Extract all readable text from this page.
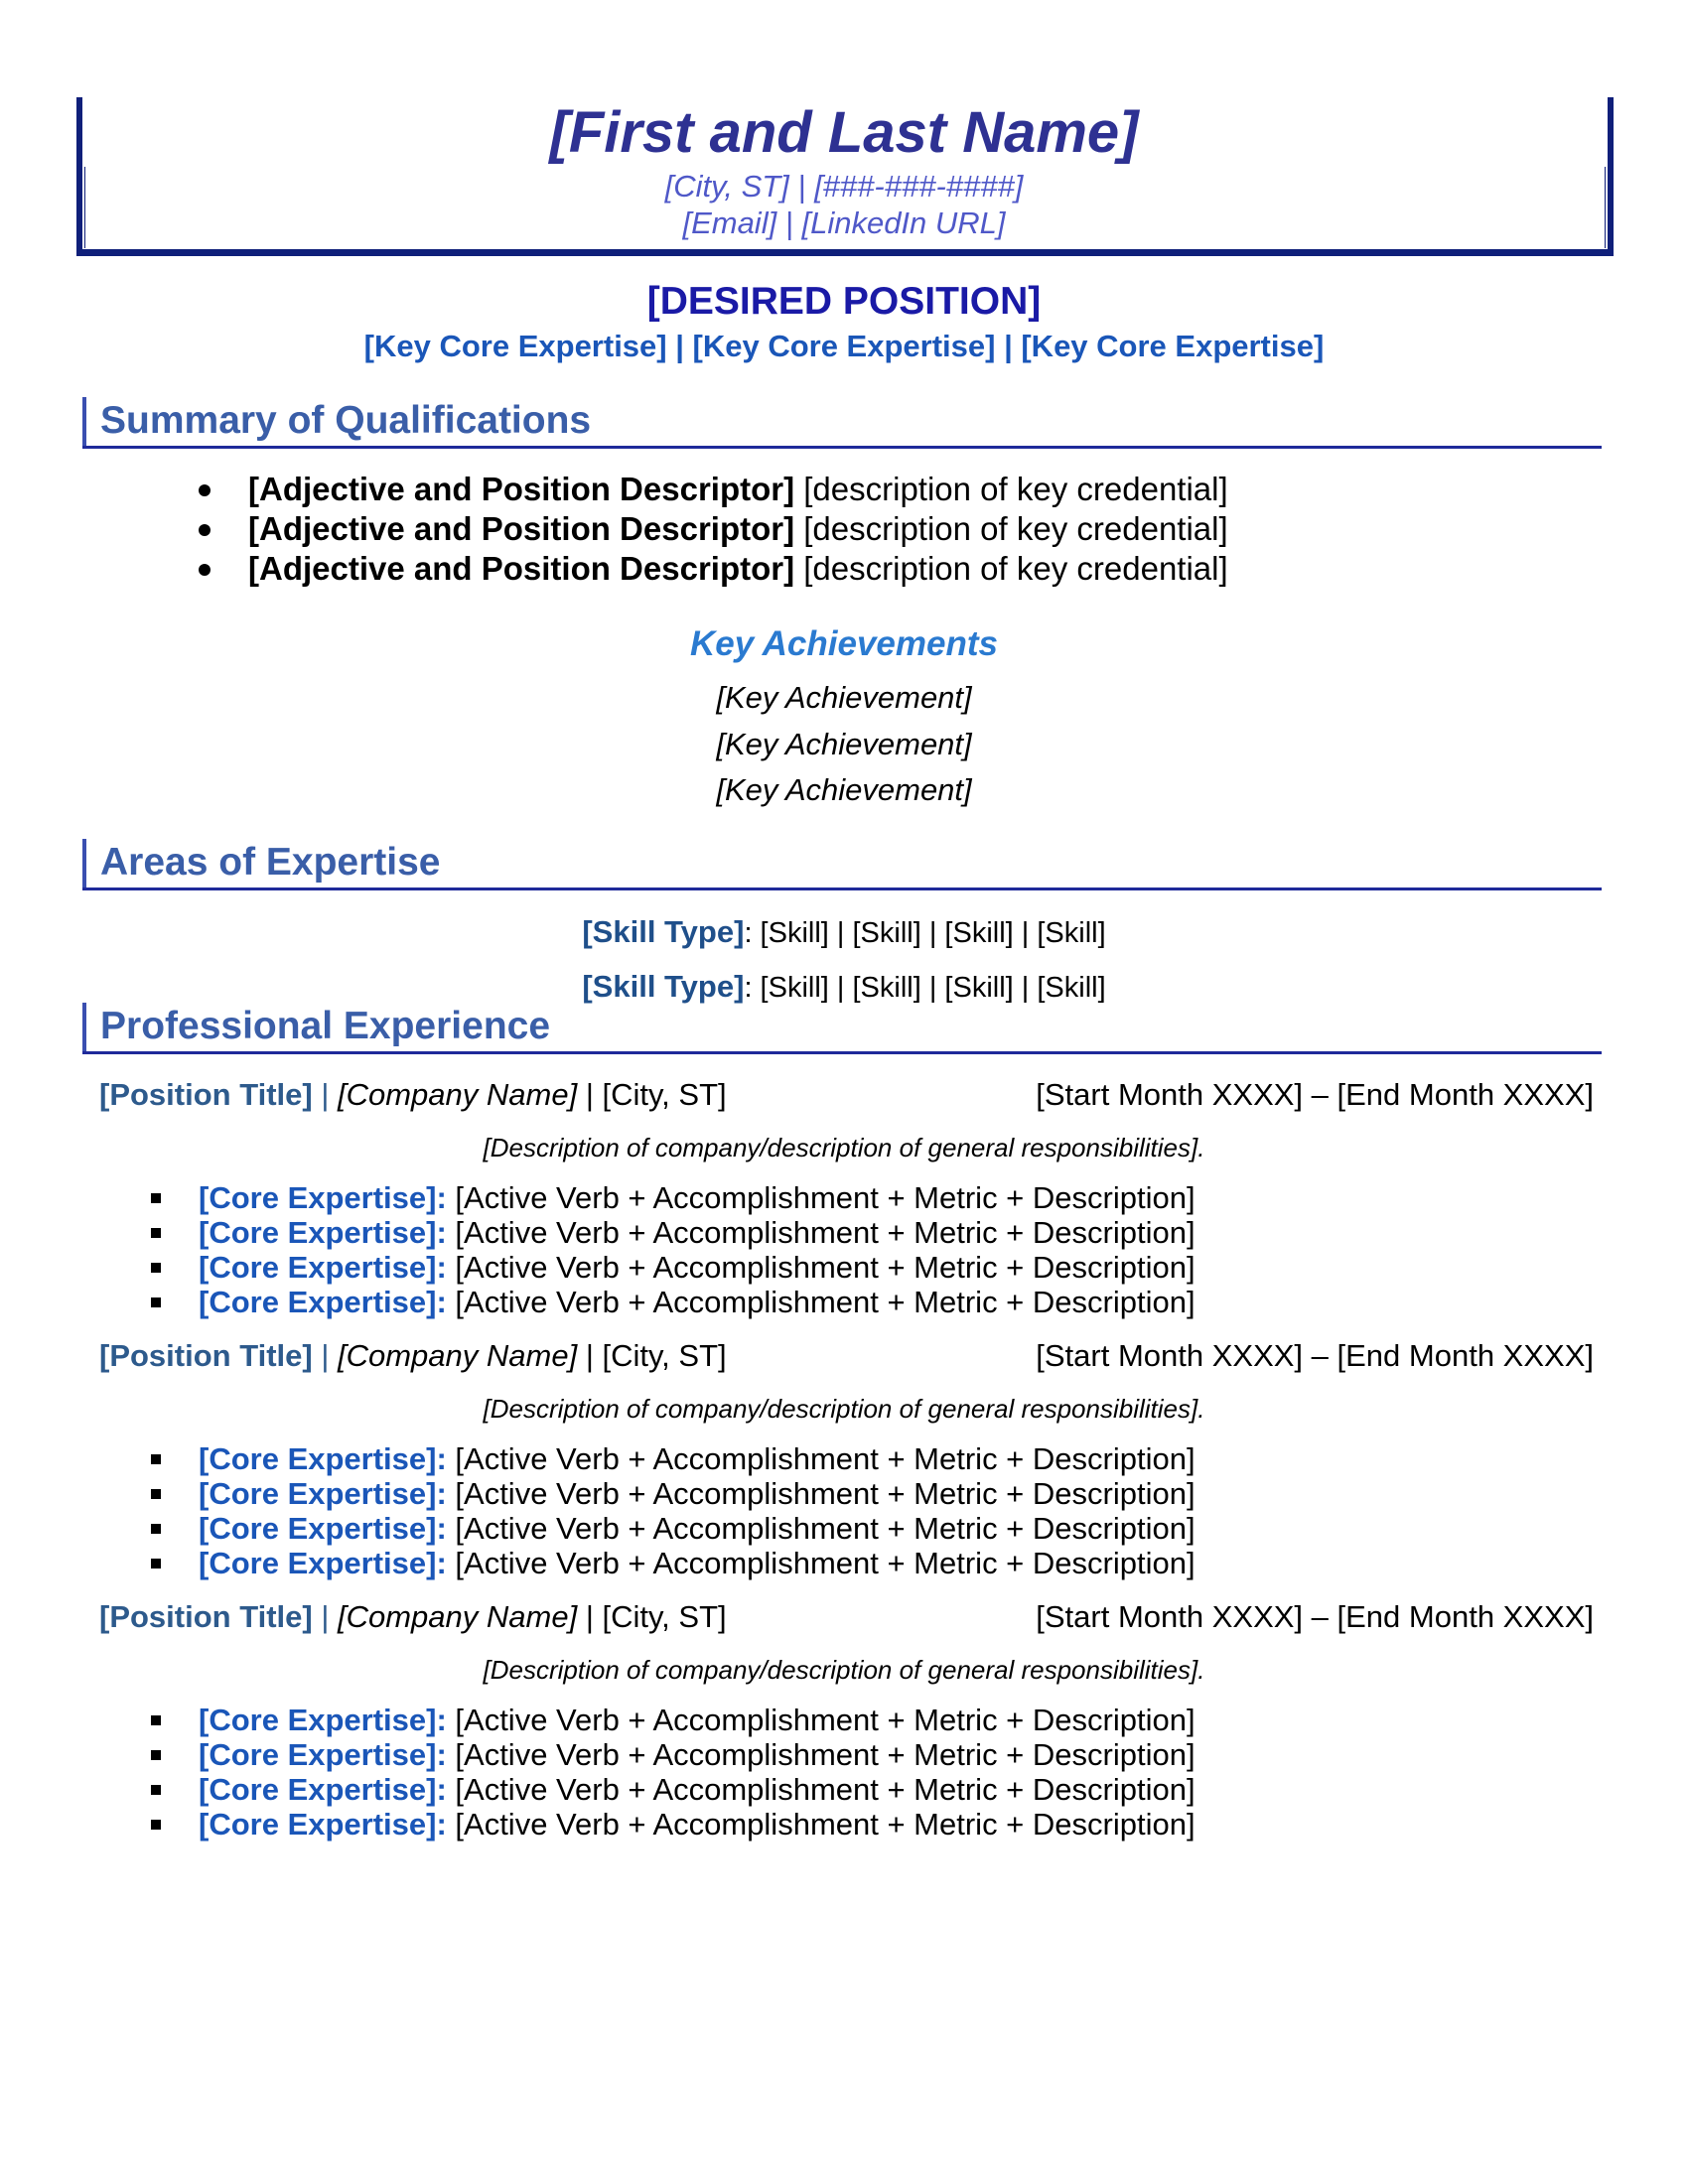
[First and Last Name]
[City, ST] | [###-###-####]
[Email] | [LinkedIn URL]
[DESIRED POSITION]
[Key Core Expertise] | [Key Core Expertise] | [Key Core Expertise]
Summary of Qualifications
[Adjective and Position Descriptor] [description of key credential]
[Adjective and Position Descriptor] [description of key credential]
[Adjective and Position Descriptor] [description of key credential]
Key Achievements
[Key Achievement]
[Key Achievement]
[Key Achievement]
Areas of Expertise
[Skill Type]: [Skill] | [Skill] | [Skill] | [Skill]
[Skill Type]: [Skill] | [Skill] | [Skill] | [Skill]
Professional Experience
[Position Title] | [Company Name] | [City, ST]	[Start Month XXXX] – [End Month XXXX]
[Description of company/description of general responsibilities].
[Core Expertise]: [Active Verb + Accomplishment + Metric + Description]
[Core Expertise]: [Active Verb + Accomplishment + Metric + Description]
[Core Expertise]: [Active Verb + Accomplishment + Metric + Description]
[Core Expertise]: [Active Verb + Accomplishment + Metric + Description]
[Position Title] | [Company Name] | [City, ST]	[Start Month XXXX] – [End Month XXXX]
[Description of company/description of general responsibilities].
[Core Expertise]: [Active Verb + Accomplishment + Metric + Description]
[Core Expertise]: [Active Verb + Accomplishment + Metric + Description]
[Core Expertise]: [Active Verb + Accomplishment + Metric + Description]
[Core Expertise]: [Active Verb + Accomplishment + Metric + Description]
[Position Title] | [Company Name] | [City, ST]	[Start Month XXXX] – [End Month XXXX]
[Description of company/description of general responsibilities].
[Core Expertise]: [Active Verb + Accomplishment + Metric + Description]
[Core Expertise]: [Active Verb + Accomplishment + Metric + Description]
[Core Expertise]: [Active Verb + Accomplishment + Metric + Description]
[Core Expertise]: [Active Verb + Accomplishment + Metric + Description]
